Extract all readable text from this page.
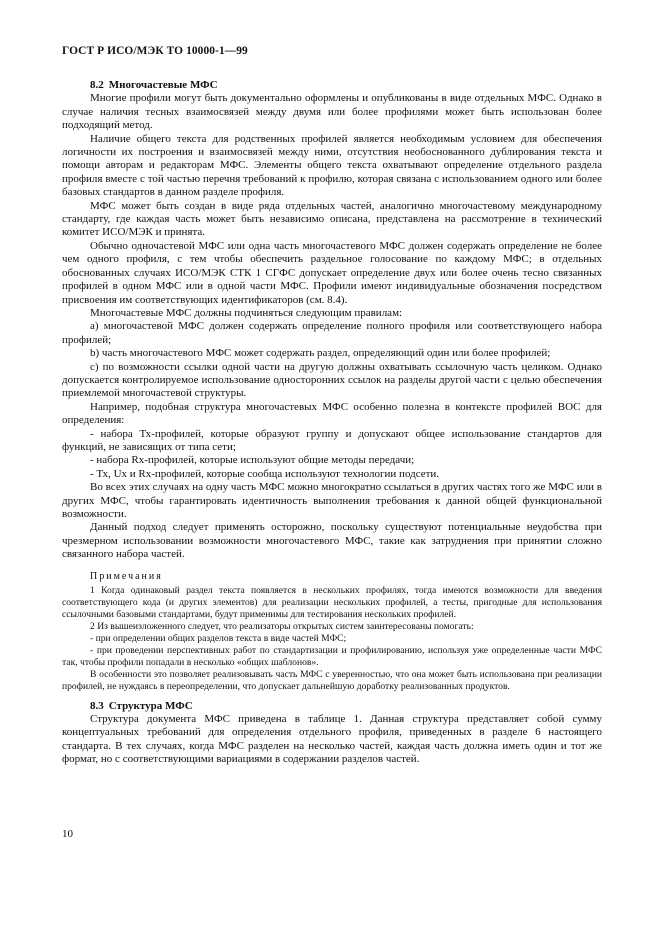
ГОСТ Р ИСО/МЭК ТО 10000-1—99

8.2 Многочастевые МФС

Многие профили могут быть документально оформлены и опубликованы в виде отдельных МФС. Однако в случае наличия тесных взаимосвязей между двумя или более профилями может быть использован более подходящий метод.

Наличие общего текста для родственных профилей является необходимым условием для обеспечения логичности их построения и взаимосвязей между ними, отсутствия необоснованного дублирования текста и помощи авторам и редакторам МФС. Элементы общего текста охватывают определение отдельного раздела профиля вместе с той частью перечня требований к профилю, которая связана с использованием одного или более базовых стандартов в данном разделе профиля.

МФС может быть создан в виде ряда отдельных частей, аналогично многочастевому международному стандарту, где каждая часть может быть независимо описана, представлена на рассмотрение в технический комитет ИСО/МЭК и принята.

Обычно одночастевой МФС или одна часть многочастевого МФС должен содержать определение не более чем одного профиля, с тем чтобы обеспечить раздельное голосование по каждому МФС; в отдельных обоснованных случаях ИСО/МЭК СТК 1 СГФС допускает определение двух или более очень тесно связанных профилей в одном МФС или в одной части МФС. Профили имеют индивидуальные обозначения посредством присвоения им соответствующих идентификаторов (см. 8.4).

Многочастевые МФС должны подчиняться следующим правилам:

а) многочастевой МФС должен содержать определение полного профиля или соответствующего набора профилей;

b) часть многочастевого МФС может содержать раздел, определяющий один или более профилей;

с) по возможности ссылки одной части на другую должны охватывать ссылочную часть целиком. Однако допускается контролируемое использование односторонних ссылок на разделы другой части с целью обеспечения приемлемой многочастевой структуры.

Например, подобная структура многочастевых МФС особенно полезна в контексте профилей ВОС для определения:

- набора Тх-профилей, которые образуют группу и допускают общее использование стандартов для функций, не зависящих от типа сети;

- набора Rx-профилей, которые используют общие методы передачи;

- Тх, Uх и Rx-профилей, которые сообща используют технологии подсети.

Во всех этих случаях на одну часть МФС можно многократно ссылаться в других частях того же МФС или в других МФС, чтобы гарантировать идентичность выполнения требования к данной общей функциональной возможности.

Данный подход следует применять осторожно, поскольку существуют потенциальные неудобства при чрезмерном использовании возможности многочастевого МФС, такие как затруднения при принятии сложно связанного набора частей.

Примечания

1 Когда одинаковый раздел текста появляется в нескольких профилях, тогда имеются возможности для введения соответствующего кода (и других элементов) для реализации нескольких профилей, а тесты, пригодные для использования ссылочными базовыми стандартами, будут применимы для тестирования нескольких профилей.

2 Из вышеизложенного следует, что реализаторы открытых систем заинтересованы помогать:

- при определении общих разделов текста в виде частей МФС;

- при проведении перспективных работ по стандартизации и профилированию, используя уже определенные части МФС так, чтобы профили попадали в несколько «общих шаблонов».

В особенности это позволяет реализовывать часть МФС с уверенностью, что она может быть использована при реализации профилей, не нуждаясь в переопределении, что допускает дальнейшую доработку реализованных продуктов.

8.3 Структура МФС

Структура документа МФС приведена в таблице 1. Данная структура представляет собой сумму концептуальных требований для определения отдельного профиля, приведенных в разделе 6 настоящего стандарта. В тех случаях, когда МФС разделен на несколько частей, каждая часть должна иметь один и тот же формат, но с соответствующими вариациями в содержании разделов частей.

10
